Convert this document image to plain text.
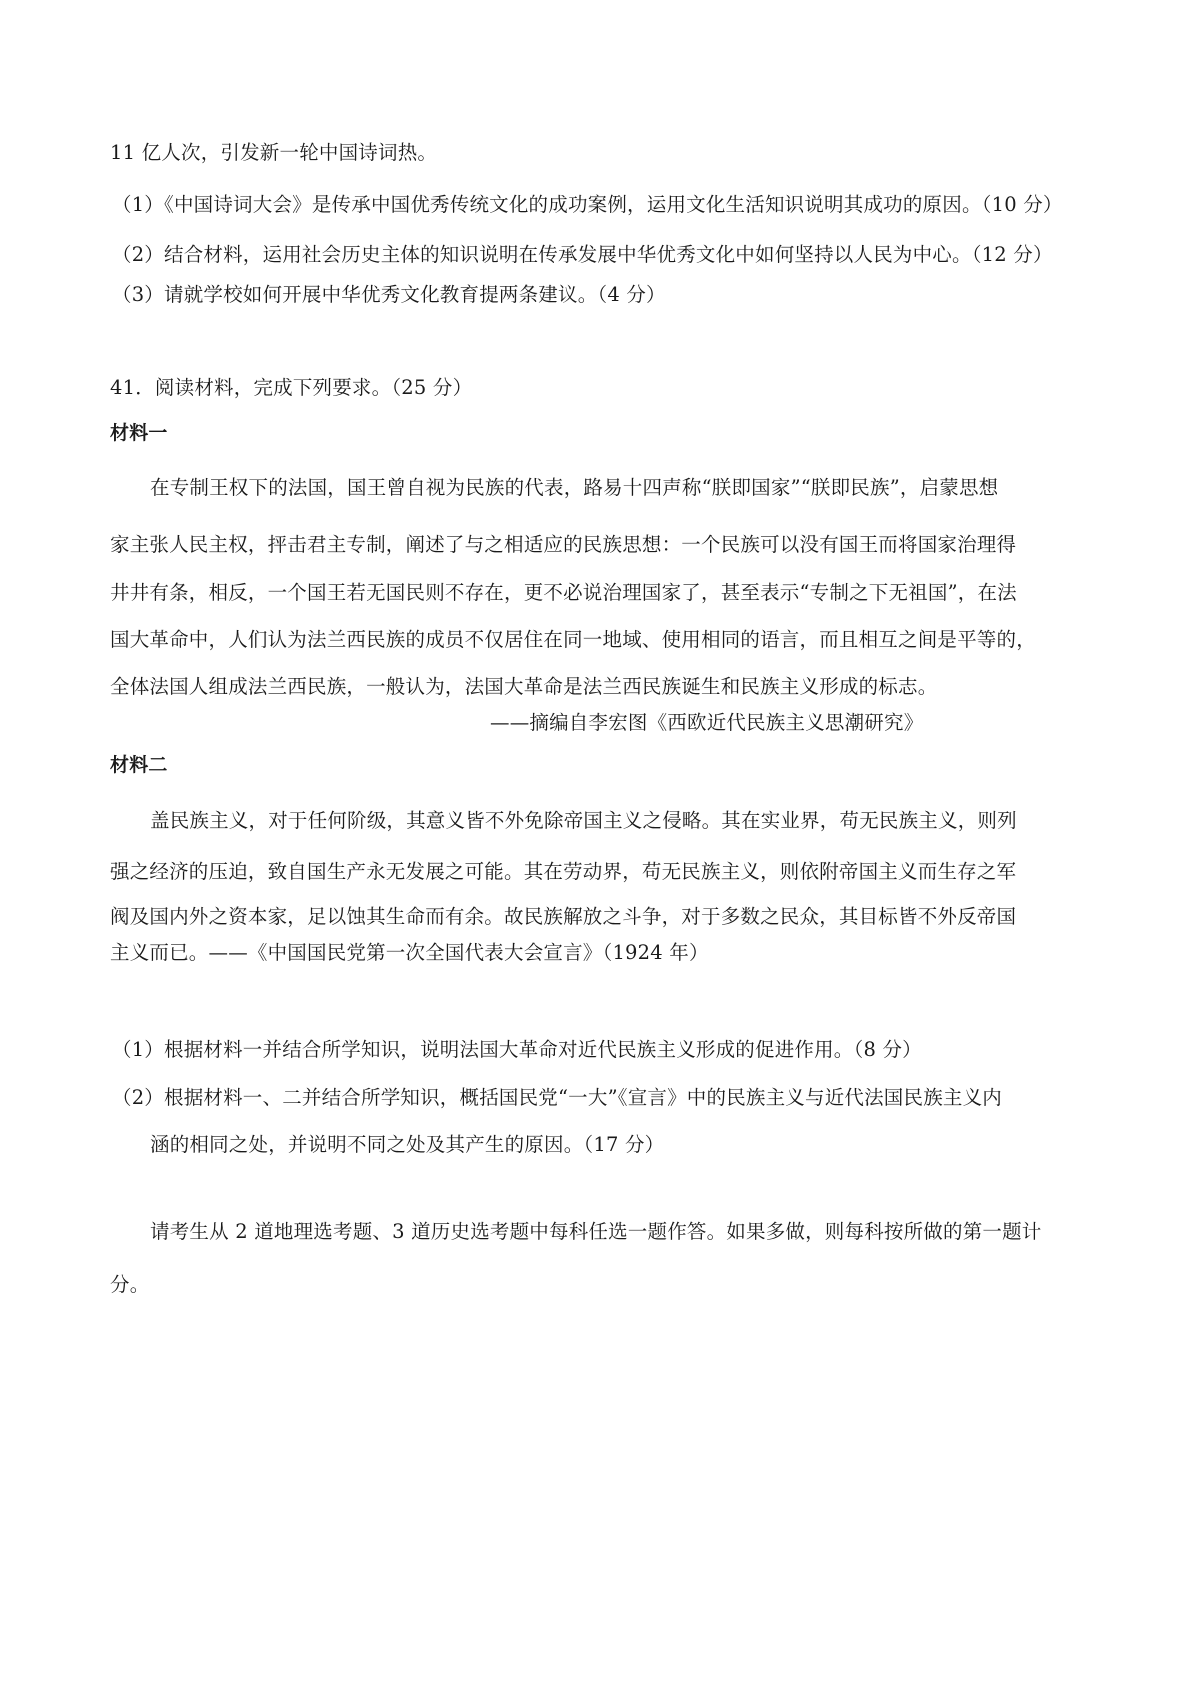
11 亿人次，引发新一轮中国诗词热。
（1）《中国诗词大会》是传承中国优秀传统文化的成功案例，运用文化生活知识说明其成功的原因。（10 分）
（2）结合材料，运用社会历史主体的知识说明在传承发展中华优秀文化中如何坚持以人民为中心。（12 分）
（3）请就学校如何开展中华优秀文化教育提两条建议。（4 分）
41．阅读材料，完成下列要求。（25 分）
材料一
在专制王权下的法国，国王曾自视为民族的代表，路易十四声称“朕即国家”“朕即民族”，启蒙思想
家主张人民主权，抨击君主专制，阐述了与之相适应的民族思想：一个民族可以没有国王而将国家治理得
井井有条，相反，一个国王若无国民则不存在，更不必说治理国家了，甚至表示“专制之下无祖国”，在法
国大革命中，人们认为法兰西民族的成员不仅居住在同一地域、使用相同的语言，而且相互之间是平等的，
全体法国人组成法兰西民族，一般认为，法国大革命是法兰西民族诞生和民族主义形成的标志。
——摘编自李宏图《西欧近代民族主义思潮研究》
材料二
盖民族主义，对于任何阶级，其意义皆不外免除帝国主义之侵略。其在实业界，苟无民族主义，则列
强之经济的压迫，致自国生产永无发展之可能。其在劳动界，苟无民族主义，则依附帝国主义而生存之军
阀及国内外之资本家，足以蚀其生命而有余。故民族解放之斗争，对于多数之民众，其目标皆不外反帝国
主义而已。——《中国国民党第一次全国代表大会宣言》（1924 年）
（1）根据材料一并结合所学知识，说明法国大革命对近代民族主义形成的促进作用。（8 分）
（2）根据材料一、二并结合所学知识，概括国民党“一大”《宣言》中的民族主义与近代法国民族主义内
涵的相同之处，并说明不同之处及其产生的原因。（17 分）
请考生从 2 道地理选考题、3 道历史选考题中每科任选一题作答。如果多做，则每科按所做的第一题计
分。
